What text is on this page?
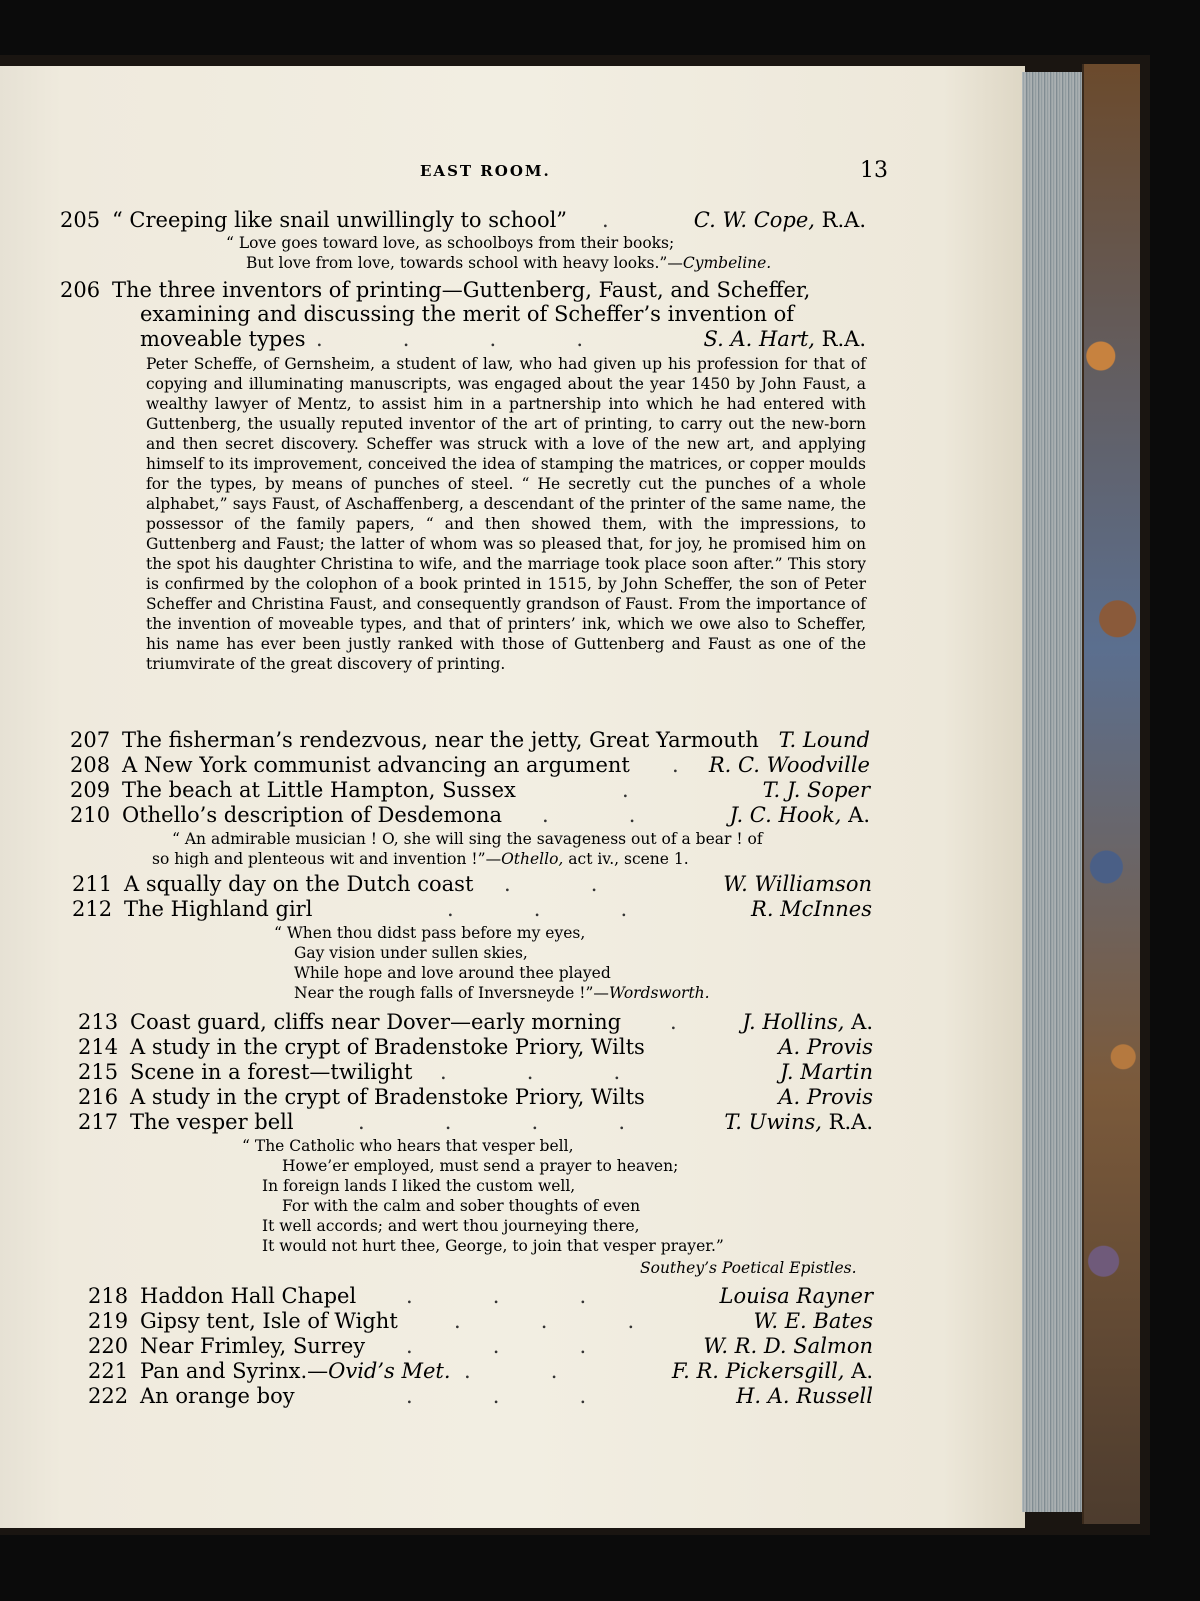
EAST ROOM.	13
205 “ Creeping like snail unwillingly to school” .	C. W. Cope, R.A.
“ Love goes toward love, as schoolboys from their books;
But love from love, towards school with heavy looks.”—Cymbeline.
206 The three inventors of printing—Guttenberg, Faust, and Scheffer,
examining and discussing the merit of Scheffer’s invention of
moveable types .            .            .            .	S. A. Hart, R.A.
Peter Scheffe, of Gernsheim, a student of law, who had given up his profession for that of copying and illuminating manuscripts, was engaged about the year 1450 by John Faust, a wealthy lawyer of Mentz, to assist him in a partnership into which he had entered with Guttenberg, the usually reputed inventor of the art of printing, to carry out the new-born and then secret discovery. Scheffer was struck with a love of the new art, and applying himself to its improvement, conceived the idea of stamping the matrices, or copper moulds for the types, by means of punches of steel. “ He secretly cut the punches of a whole alphabet,” says Faust, of Aschaffenberg, a descendant of the printer of the same name, the possessor of the family papers, “ and then showed them, with the impressions, to Guttenberg and Faust; the latter of whom was so pleased that, for joy, he promised him on the spot his daughter Christina to wife, and the marriage took place soon after.” This story is confirmed by the colophon of a book printed in 1515, by John Scheffer, the son of Peter Scheffer and Christina Faust, and consequently grandson of Faust. From the importance of the invention of moveable types, and that of printers’ ink, which we owe also to Scheffer, his name has ever been justly ranked with those of Guttenberg and Faust as one of the triumvirate of the great discovery of printing.
207 The fisherman’s rendezvous, near the jetty, Great Yarmouth T. Lound
208 A New York communist advancing an argument . R. C. Woodville
209 The beach at Little Hampton, Sussex	.	T. J. Soper
210 Othello’s description of Desdemona .            .	J. C. Hook, A.
“ An admirable musician ! O, she will sing the savageness out of a bear ! of
so high and plenteous wit and invention !”—Othello, act iv., scene 1.
211 A squally day on the Dutch coast .            .	W. Williamson
212 The Highland girl	.            .            .	R. McInnes
“ When thou didst pass before my eyes,
Gay vision under sullen skies,
While hope and love around thee played
Near the rough falls of Inversneyde !”—Wordsworth.
213 Coast guard, cliffs near Dover—early morning .	J. Hollins, A.
214 A study in the crypt of Bradenstoke Priory, Wilts	A. Provis
215 Scene in a forest—twilight .            .            .	J. Martin
216 A study in the crypt of Bradenstoke Priory, Wilts	A. Provis
217 The vesper bell	.            .            .            .	T. Uwins, R.A.
“ The Catholic who hears that vesper bell,
Howe’er employed, must send a prayer to heaven;
In foreign lands I liked the custom well,
For with the calm and sober thoughts of even
It well accords; and wert thou journeying there,
It would not hurt thee, George, to join that vesper prayer.”
Southey’s Poetical Epistles.
218 Haddon Hall Chapel .            .            .	Louisa Rayner
219 Gipsy tent, Isle of Wight	.            .            .	W. E. Bates
220 Near Frimley, Surrey .            .            .	W. R. D. Salmon
221 Pan and Syrinx.—Ovid’s Met. .            .	F. R. Pickersgill, A.
222 An orange boy	.            .            .	H. A. Russell
